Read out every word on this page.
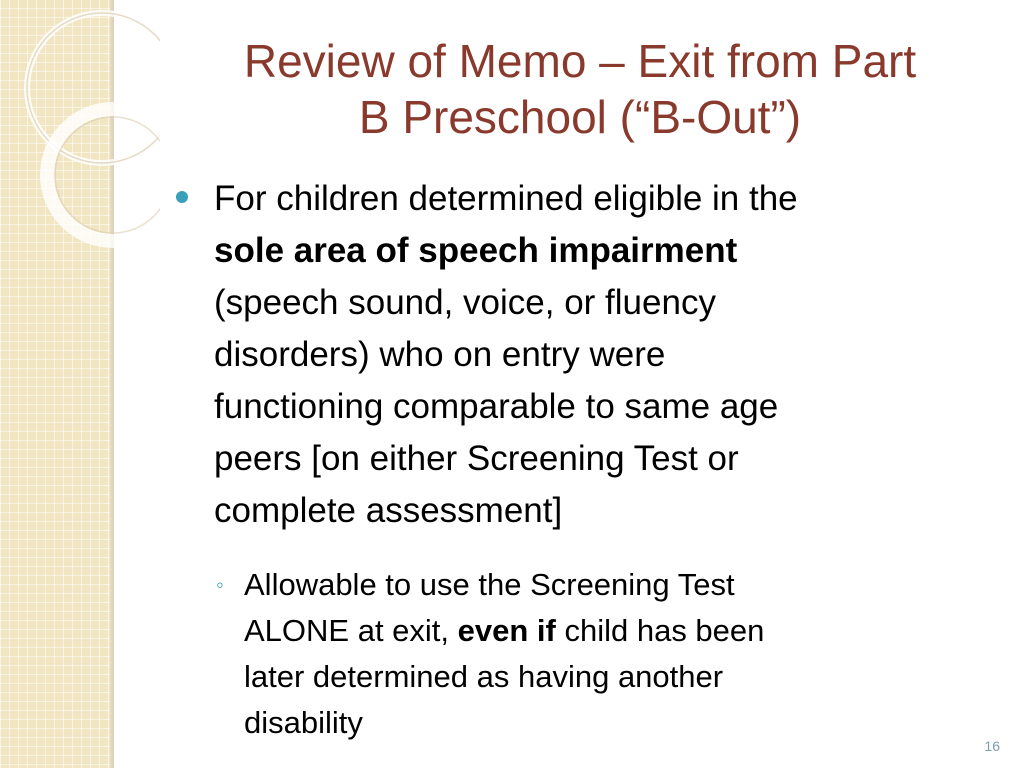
Review of Memo – Exit from Part
B Preschool (“B-Out”)
For children determined eligible in the
sole area of speech impairment
(speech sound, voice, or fluency
disorders) who on entry were
functioning comparable to same age
peers [on either Screening Test or
complete assessment]
◦ Allowable to use the Screening Test
ALONE at exit, even if child has been
later determined as having another
disability
16
